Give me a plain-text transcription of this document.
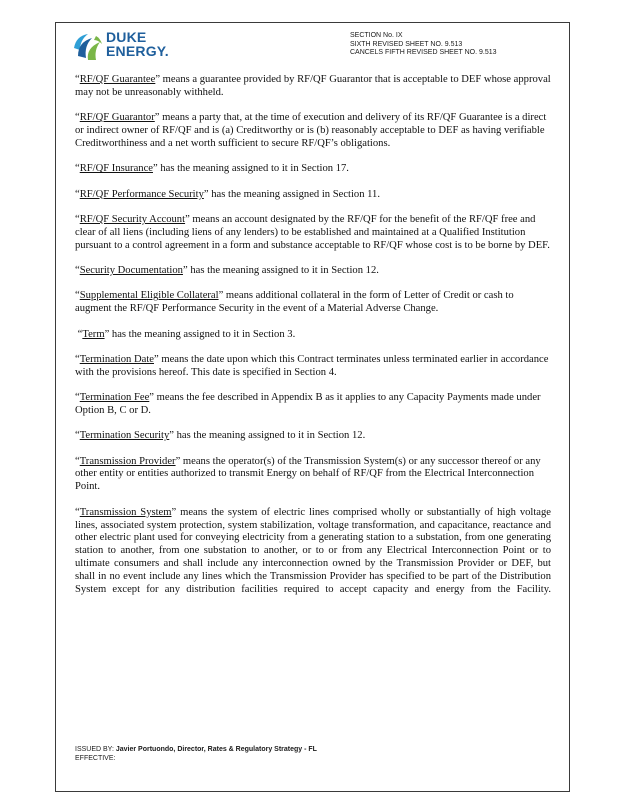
DUKE
ENERGY.
SECTION No. IX
SIXTH REVISED SHEET NO. 9.513
CANCELS FIFTH REVISED SHEET NO. 9.513

“RF/QF Guarantee” means a guarantee provided by RF/QF Guarantor that is acceptable to DEF whose approval may not be unreasonably withheld.

“RF/QF Guarantor” means a party that, at the time of execution and delivery of its RF/QF Guarantee is a direct or indirect owner of RF/QF and is (a) Creditworthy or is (b) reasonably acceptable to DEF as having verifiable Creditworthiness and a net worth sufficient to secure RF/QF’s obligations.

“RF/QF Insurance” has the meaning assigned to it in Section 17.

“RF/QF Performance Security” has the meaning assigned in Section 11.

“RF/QF Security Account” means an account designated by the RF/QF for the benefit of the RF/QF free and clear of all liens (including liens of any lenders) to be established and maintained at a Qualified Institution pursuant to a control agreement in a form and substance acceptable to RF/QF whose cost is to be borne by DEF.

“Security Documentation” has the meaning assigned to it in Section 12.

“Supplemental Eligible Collateral” means additional collateral in the form of Letter of Credit or cash to augment the RF/QF Performance Security in the event of a Material Adverse Change.

“Term” has the meaning assigned to it in Section 3.

“Termination Date” means the date upon which this Contract terminates unless terminated earlier in accordance with the provisions hereof. This date is specified in Section 4.

“Termination Fee” means the fee described in Appendix B as it applies to any Capacity Payments made under Option B, C or D.

“Termination Security” has the meaning assigned to it in Section 12.

“Transmission Provider” means the operator(s) of the Transmission System(s) or any successor thereof or any other entity or entities authorized to transmit Energy on behalf of RF/QF from the Electrical Interconnection Point.

“Transmission System” means the system of electric lines comprised wholly or substantially of high voltage lines, associated system protection, system stabilization, voltage transformation, and capacitance, reactance and other electric plant used for conveying electricity from a generating station to a substation, from one generating station to another, from one substation to another, or to or from any Electrical Interconnection Point or to ultimate consumers and shall include any interconnection owned by the Transmission Provider or DEF, but shall in no event include any lines which the Transmission Provider has specified to be part of the Distribution System except for any distribution facilities required to accept capacity and energy from the Facility.

ISSUED BY: Javier Portuondo, Director, Rates & Regulatory Strategy - FL
EFFECTIVE:
